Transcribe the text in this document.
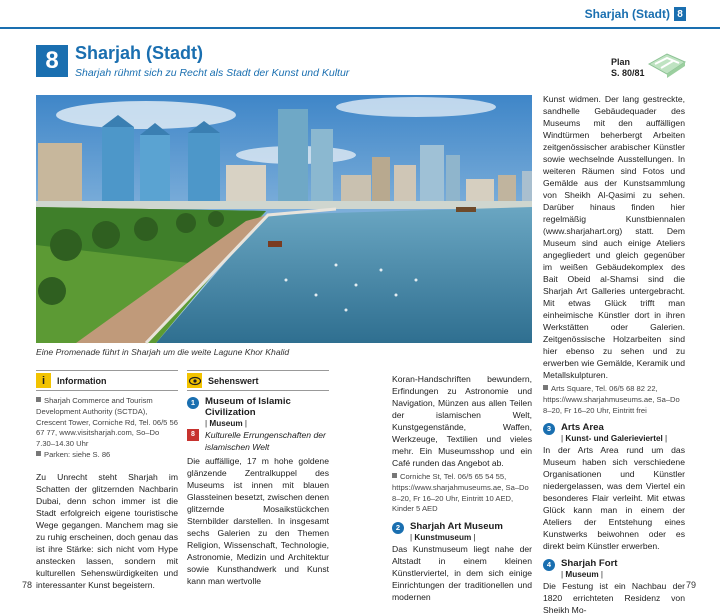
Sharjah (Stadt) 8
8 Sharjah (Stadt)
Sharjah rühmt sich zu Recht als Stadt der Kunst und Kultur
Plan
S. 80/81
Eine Promenade führt in Sharjah um die weite Lagune Khor Khalid
i	Information
Sharjah Commerce and Tourism Development Authority (SCTDA), Crescent Tower, Corniche Rd, Tel. 06/5 56 67 77, www.visitsharjah.com, So–Do 7.30–14.30 Uhr
Parken: siehe S. 86

Zu Unrecht steht Sharjah im Schatten der glitzernden Nachbarin Dubai, denn schon immer ist die Stadt erfolgreich eigene touristische Wege gegangen. Manchem mag sie zu ruhig erscheinen, doch genau das ist ihre Stärke: sich nicht vom Hype anstecken lassen, sondern mit kulturellen Sehenswürdigkeiten und interessanter Kunst begeistern.

Sehenswert
1	Museum of Islamic Civilization
| Museum |
8	Kulturelle Errungenschaften der islamischen Welt

Die auffällige, 17 m hohe goldene glänzende Zentralkuppel des Museums ist innen mit blauen Glassteinen besetzt, zwischen denen glitzernde Mosaikstückchen Sternbilder darstellen. In insgesamt sechs Galerien zu den Themen Religion, Wissenschaft, Technologie, Astronomie, Medizin und Architektur sowie Kunsthandwerk und Kunst kann man wertvolle

Koran-Handschriften bewundern, Erfindungen zu Astronomie und Navigation, Münzen aus allen Teilen der islamischen Welt, Kunstgegenstände, Waffen, Werkzeuge, Textilien und vieles mehr. Ein Museumsshop und ein Café runden das Angebot ab.

Corniche St, Tel. 06/5 65 54 55, https://www.sharjahmuseums.ae, Sa–Do 8–20, Fr 16–20 Uhr, Eintritt 10 AED, Kinder 5 AED
2	Sharjah Art Museum
| Kunstmuseum |

Das Kunstmuseum liegt nahe der Altstadt in einem kleinen Künstlerviertel, in dem sich einige Einrichtungen der traditionellen und modernen

Kunst widmen. Der lang gestreckte, sandhelle Gebäudequader des Museums mit den auffälligen Windtürmen beherbergt Arbeiten zeitgenössischer arabischer Künstler sowie wechselnde Ausstellungen. In weiteren Räumen sind Fotos und Gemälde aus der Kunstsammlung von Sheikh Al-Qasimi zu sehen. Darüber hinaus finden hier regelmäßig Kunstbiennalen (www.sharjahart.org) statt. Dem Museum sind auch einige Ateliers angegliedert und gleich gegenüber im weißen Gebäudekomplex des Bait Obeid al-Shamsi sind die Sharjah Art Galleries untergebracht. Mit etwas Glück trifft man einheimische Künstler dort in ihren Werkstätten oder Galerien. Zeitgenössische Holzarbeiten sind hier ebenso zu sehen und zu erwerben wie Gemälde, Keramik und Metallskulpturen.

Arts Square, Tel. 06/5 68 82 22, https://www.sharjahmuseums.ae, Sa–Do 8–20, Fr 16–20 Uhr, Eintritt frei
3	Arts Area
| Kunst- und Galerieviertel |

In der Arts Area rund um das Museum haben sich verschiedene Organisationen und Künstler niedergelassen, was dem Viertel ein besonderes Flair verleiht. Mit etwas Glück kann man in einem der Ateliers der Entstehung eines Kunstwerks beiwohnen oder es direkt beim Künstler erwerben.

4	Sharjah Fort
| Museum |

Die Festung ist ein Nachbau der 1820 errichteten Residenz von Sheikh Mo-

78	79
